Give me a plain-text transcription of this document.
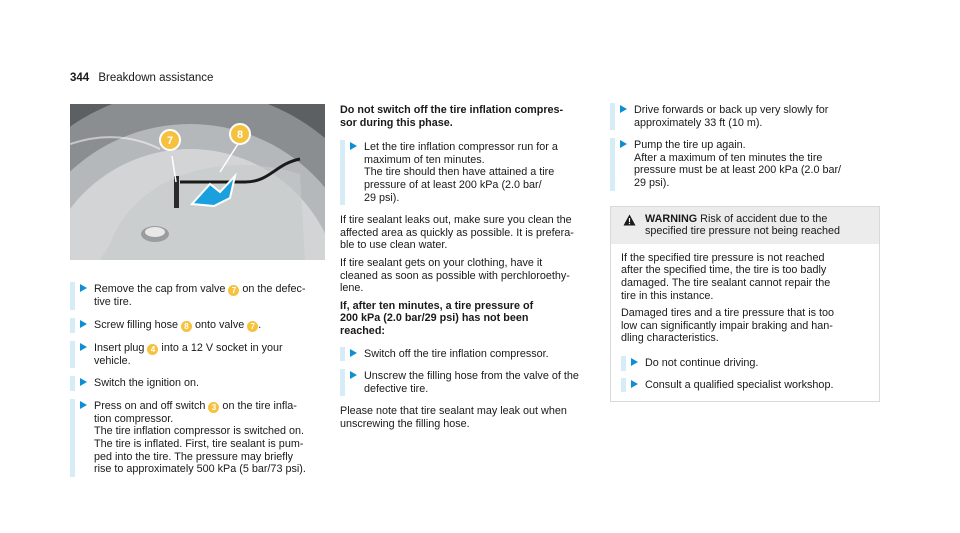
344 Breakdown assistance
7	8
Remove the cap from valve 7 on the defec-
tive tire.
Screw filling hose 8 onto valve 7 .
Insert plug 4 into a 12 V socket in your
vehicle.
Switch the ignition on.
Press on and off switch 3 on the tire infla-
tion compressor.
The tire inflation compressor is switched on.
The tire is inflated. First, tire sealant is pum-
ped into the tire. The pressure may briefly
rise to approximately 500 kPa (5 bar/73 psi).
Do not switch off the tire inflation compres-
sor during this phase.
Let the tire inflation compressor run for a
maximum of ten minutes.
The tire should then have attained a tire
pressure of at least 200 kPa (2.0 bar/
29 psi).

If tire sealant leaks out, make sure you clean the
affected area as quickly as possible. It is prefera-
ble to use clean water.

If tire sealant gets on your clothing, have it
cleaned as soon as possible with perchloroethy-
lene.

If, after ten minutes, a tire pressure of
200 kPa (2.0 bar/29 psi) has not been
reached:

Switch off the tire inflation compressor.
Unscrew the filling hose from the valve of the
defective tire.

Please note that tire sealant may leak out when
unscrewing the filling hose.

Drive forwards or back up very slowly for
approximately 33 ft (10 m).
Pump the tire up again.
After a maximum of ten minutes the tire
pressure must be at least 200 kPa (2.0 bar/
29 psi).
WARNING Risk of accident due to the
specified tire pressure not being reached

If the specified tire pressure is not reached
after the specified time, the tire is too badly
damaged. The tire sealant cannot repair the
tire in this instance.

Damaged tires and a tire pressure that is too
low can significantly impair braking and han-
dling characteristics.

Do not continue driving.
Consult a qualified specialist workshop.
